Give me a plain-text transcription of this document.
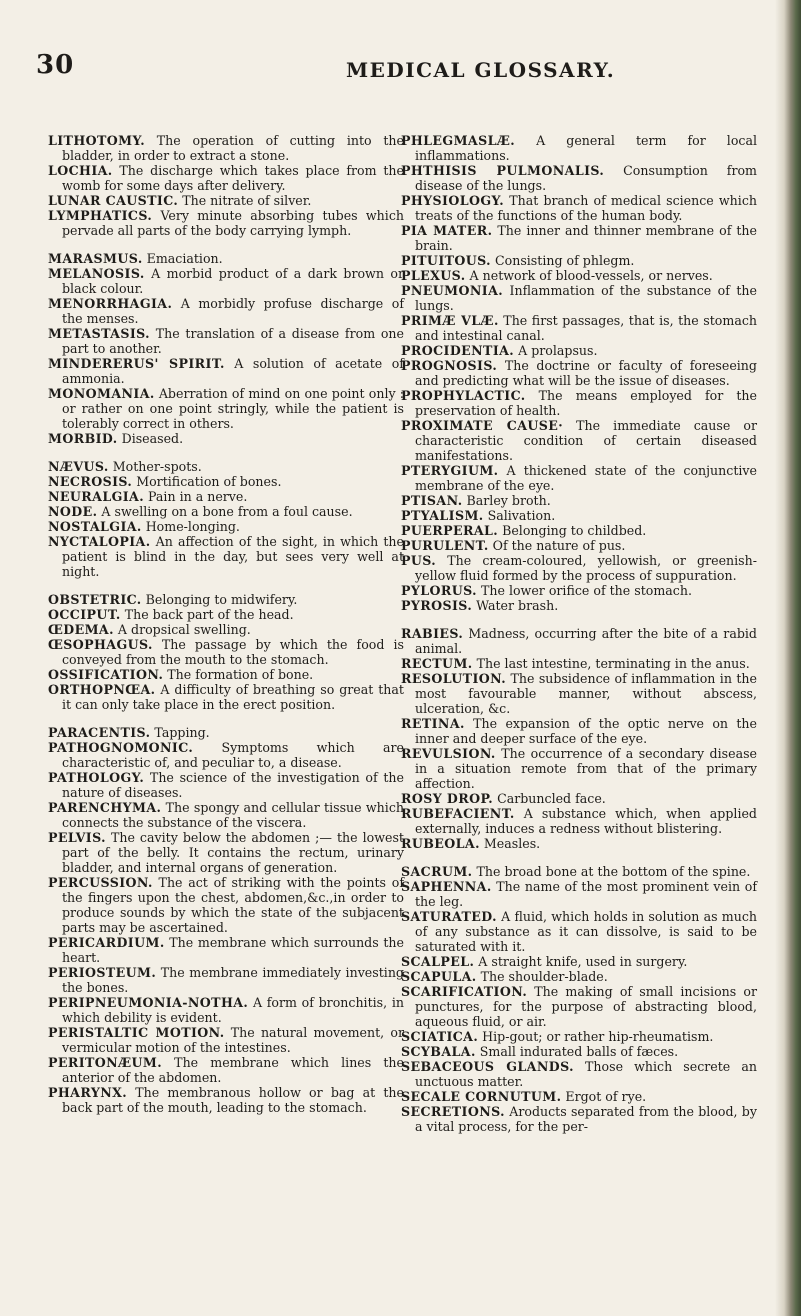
30	MEDICAL GLOSSARY.

LITHOTOMY. The operation of cutting into the bladder, in order to extract a stone.

LOCHIA. The discharge which takes place from the womb for some days after delivery.

LUNAR CAUSTIC. The nitrate of silver.

LYMPHATICS. Very minute absorbing tubes which pervade all parts of the body carrying lymph.

MARASMUS. Emaciation.

MELANOSIS. A morbid product of a dark brown or black colour.

MENORRHAGIA. A morbidly profuse discharge of the menses.

METASTASIS. The translation of a disease from one part to another.

MINDERERUS' SPIRIT. A solution of acetate of ammonia.

MONOMANIA. Aberration of mind on one point only : or rather on one point stringly, while the patient is tolerably correct in others.

MORBID. Diseased.

NÆVUS. Mother-spots.

NECROSIS. Mortification of bones.

NEURALGIA. Pain in a nerve.

NODE. A swelling on a bone from a foul cause.

NOSTALGIA. Home-longing.

NYCTALOPIA. An affection of the sight, in which the patient is blind in the day, but sees very well at night.

OBSTETRIC. Belonging to midwifery.

OCCIPUT. The back part of the head.

ŒDEMA. A dropsical swelling.

ŒSOPHAGUS. The passage by which the food is conveyed from the mouth to the stomach.

OSSIFICATION. The formation of bone.

ORTHOPNŒA. A difficulty of breathing so great that it can only take place in the erect position.

PARACENTIS. Tapping.

PATHOGNOMONIC. Symptoms which are characteristic of, and peculiar to, a disease.

PATHOLOGY. The science of the investigation of the nature of diseases.

PARENCHYMA. The spongy and cellular tissue which connects the substance of the viscera.

PELVIS. The cavity below the abdomen ;— the lowest part of the belly. It contains the rectum, urinary bladder, and internal organs of generation.

PERCUSSION. The act of striking with the points of the fingers upon the chest, abdomen,&c.,in order to produce sounds by which the state of the subjacent parts may be ascertained.

PERICARDIUM. The membrane which surrounds the heart.

PERIOSTEUM. The membrane immediately investing the bones.

PERIPNEUMONIA-NOTHA. A form of bronchitis, in which debility is evident.

PERISTALTIC MOTION. The natural movement, or vermicular motion of the intestines.

PERITONÆUM. The membrane which lines the anterior of the abdomen.

PHARYNX. The membranous hollow or bag at the back part of the mouth, leading to the stomach.

PHLEGMASLÆ. A general term for local inflammations.

PHTHISIS PULMONALIS. Consumption from disease of the lungs.

PHYSIOLOGY. That branch of medical science which treats of the functions of the human body.

PIA MATER. The inner and thinner membrane of the brain.

PITUITOUS. Consisting of phlegm.

PLEXUS. A network of blood-vessels, or nerves.

PNEUMONIA. Inflammation of the substance of the lungs.

PRIMÆ VLÆ. The first passages, that is, the stomach and intestinal canal.

PROCIDENTIA. A prolapsus.

PROGNOSIS. The doctrine or faculty of foreseeing and predicting what will be the issue of diseases.

PROPHYLACTIC. The means employed for the preservation of health.

PROXIMATE CAUSE· The immediate cause or characteristic condition of certain diseased manifestations.

PTERYGIUM. A thickened state of the conjunctive membrane of the eye.

PTISAN. Barley broth.

PTYALISM. Salivation.

PUERPERAL. Belonging to childbed.

PURULENT. Of the nature of pus.

PUS. The cream-coloured, yellowish, or greenish-yellow fluid formed by the process of suppuration.

PYLORUS. The lower orifice of the stomach.

PYROSIS. Water brash.

RABIES. Madness, occurring after the bite of a rabid animal.

RECTUM. The last intestine, terminating in the anus.

RESOLUTION. The subsidence of inflammation in the most favourable manner, without abscess, ulceration, &c.

RETINA. The expansion of the optic nerve on the inner and deeper surface of the eye.

REVULSION. The occurrence of a secondary disease in a situation remote from that of the primary affection.

ROSY DROP. Carbuncled face.

RUBEFACIENT. A substance which, when applied externally, induces a redness without blistering.

RUBEOLA. Measles.

SACRUM. The broad bone at the bottom of the spine.

SAPHENNA. The name of the most prominent vein of the leg.

SATURATED. A fluid, which holds in solution as much of any substance as it can dissolve, is said to be saturated with it.

SCALPEL. A straight knife, used in surgery.

SCAPULA. The shoulder-blade.

SCARIFICATION. The making of small incisions or punctures, for the purpose of abstracting blood, aqueous fluid, or air.

SCIATICA. Hip-gout; or rather hip-rheumatism.

SCYBALA. Small indurated balls of fæces.

SEBACEOUS GLANDS. Those which secrete an unctuous matter.

SECALE CORNUTUM. Ergot of rye.

SECRETIONS. Aroducts separated from the blood, by a vital process, for the per-
